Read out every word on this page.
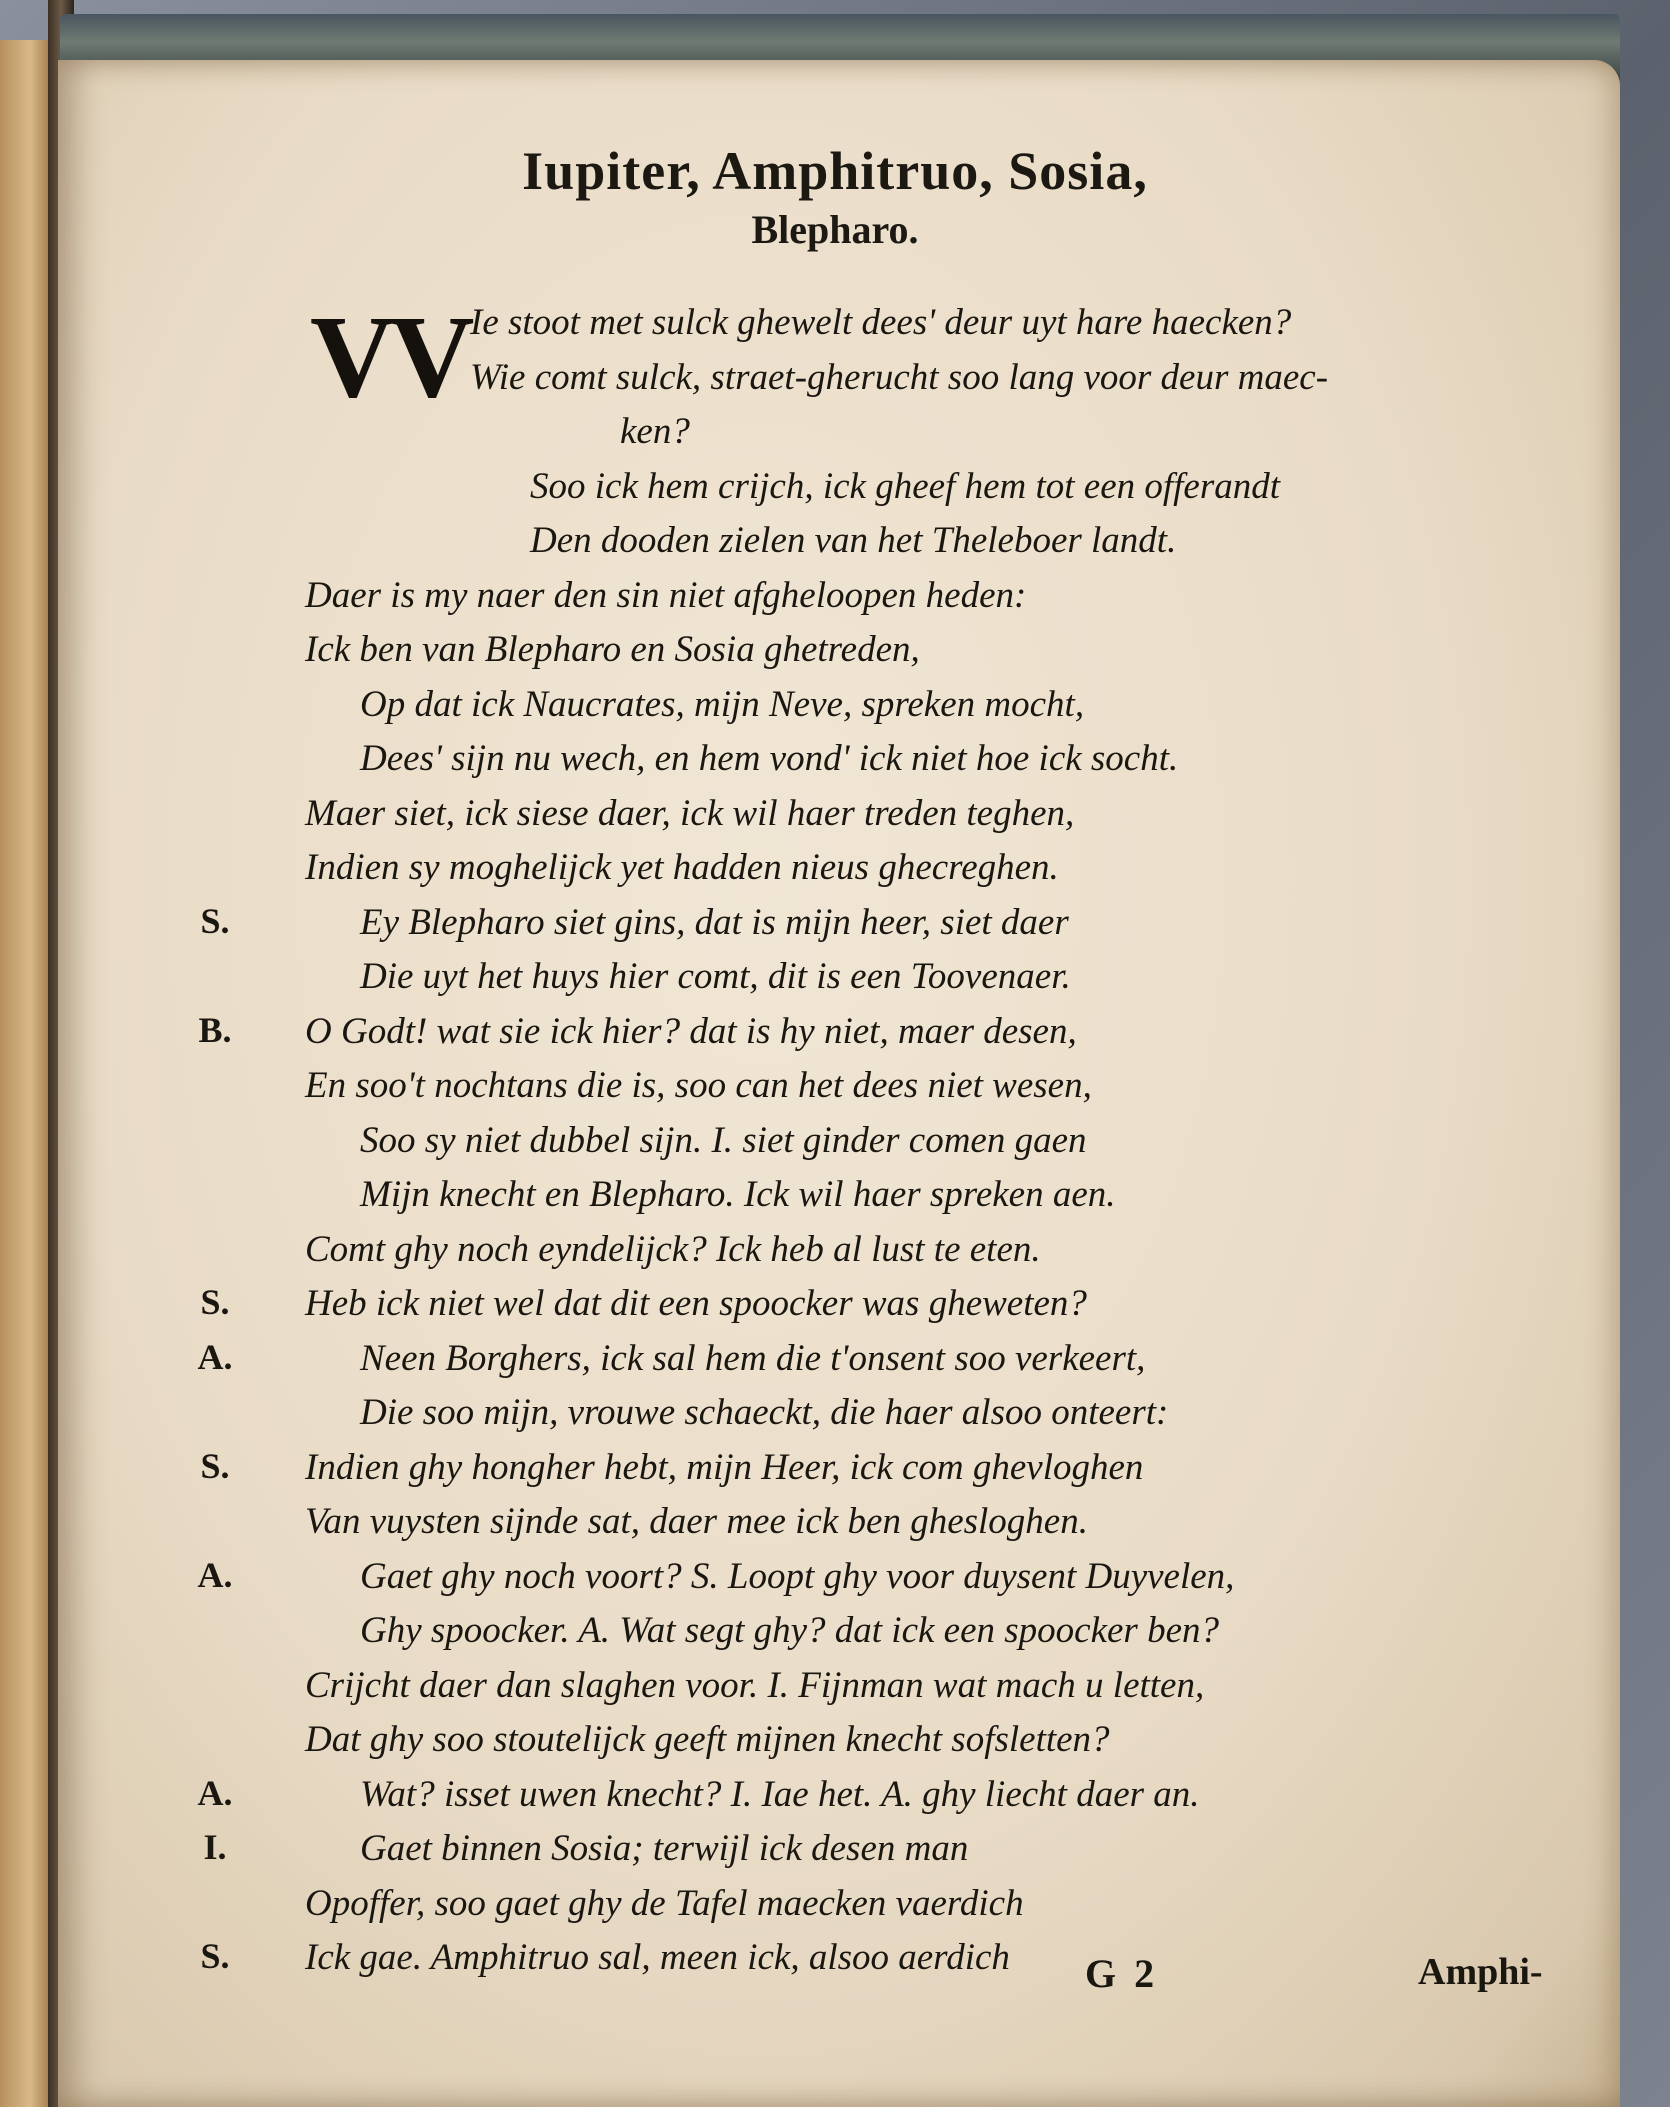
Iupiter, Amphitruo, Sosia,
Blepharo.
VV Ie stoot met sulck ghewelt dees' deur uyt hare haecken?
Wie comt sulck, straet-gherucht soo lang voor deur maec-
ken?
Soo ick hem crijch, ick gheef hem tot een offerandt
Den dooden zielen van het Theleboer landt.
Daer is my naer den sin niet afgheloopen heden:
Ick ben van Blepharo en Sosia ghetreden,
Op dat ick Naucrates, mijn Neve, spreken mocht,
Dees' sijn nu wech, en hem vond' ick niet hoe ick socht.
Maer siet, ick siese daer, ick wil haer treden teghen,
Indien sy moghelijck yet hadden nieus ghecreghen.
S.	Ey Blepharo siet gins, dat is mijn heer, siet daer
Die uyt het huys hier comt, dit is een Toovenaer.
B.	O Godt! wat sie ick hier? dat is hy niet, maer desen,
En soo't nochtans die is, soo can het dees niet wesen,
Soo sy niet dubbel sijn. I. siet ginder comen gaen
Mijn knecht en Blepharo. Ick wil haer spreken aen.
Comt ghy noch eyndelijck? Ick heb al lust te eten.
S.	Heb ick niet wel dat dit een spoocker was gheweten?
A.	Neen Borghers, ick sal hem die t'onsent soo verkeert,
Die soo mijn, vrouwe schaeckt, die haer alsoo onteert:
S.	Indien ghy hongher hebt, mijn Heer, ick com ghevloghen
Van vuysten sijnde sat, daer mee ick ben ghesloghen.
A.	Gaet ghy noch voort? S. Loopt ghy voor duysent Duyvelen,
Ghy spoocker. A. Wat segt ghy? dat ick een spoocker ben?
Crijcht daer dan slaghen voor. I. Fijnman wat mach u letten,
Dat ghy soo stoutelijck geeft mijnen knecht sofsletten?
A.	Wat? isset uwen knecht? I. Iae het. A. ghy liecht daer an.
I.	Gaet binnen Sosia; terwijl ick desen man
Opoffer, soo gaet ghy de Tafel maecken vaerdich
S.	Ick gae. Amphitruo sal, meen ick, alsoo aerdich G 2	Amphi-
